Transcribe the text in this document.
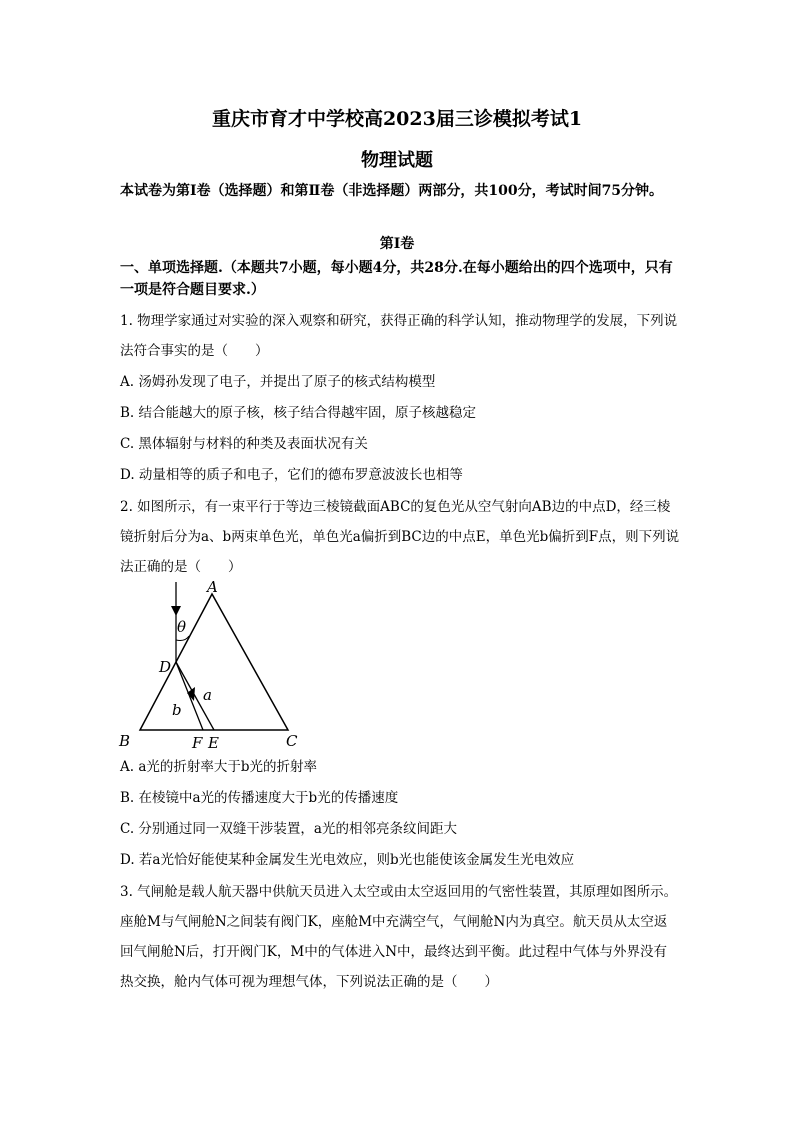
重庆市育才中学校高2023届三诊模拟考试1
物理试题
本试卷为第Ⅰ卷（选择题）和第Ⅱ卷（非选择题）两部分，共100分，考试时间75分钟。
第Ⅰ卷
一、单项选择题.（本题共7小题，每小题4分，共28分.在每小题给出的四个选项中，只有一项是符合题目要求.）
1. 物理学家通过对实验的深入观察和研究，获得正确的科学认知，推动物理学的发展，下列说法符合事实的是（　　）
A. 汤姆孙发现了电子，并提出了原子的核式结构模型
B. 结合能越大的原子核，核子结合得越牢固，原子核越稳定
C. 黑体辐射与材料的种类及表面状况有关
D. 动量相等的质子和电子，它们的德布罗意波波长也相等
2. 如图所示，有一束平行于等边三棱镜截面ABC的复色光从空气射向AB边的中点D，经三棱镜折射后分为a、b两束单色光，单色光a偏折到BC边的中点E，单色光b偏折到F点，则下列说法正确的是（　　）
A
θ
D
a
b
B	F E	C
A. a光的折射率大于b光的折射率
B. 在棱镜中a光的传播速度大于b光的传播速度
C. 分别通过同一双缝干涉装置，a光的相邻亮条纹间距大
D. 若a光恰好能使某种金属发生光电效应，则b光也能使该金属发生光电效应
3. 气闸舱是载人航天器中供航天员进入太空或由太空返回用的气密性装置，其原理如图所示。座舱M与气闸舱N之间装有阀门K，座舱M中充满空气，气闸舱N内为真空。航天员从太空返回气闸舱N后，打开阀门K，M中的气体进入N中，最终达到平衡。此过程中气体与外界没有热交换，舱内气体可视为理想气体，下列说法正确的是（　　）
